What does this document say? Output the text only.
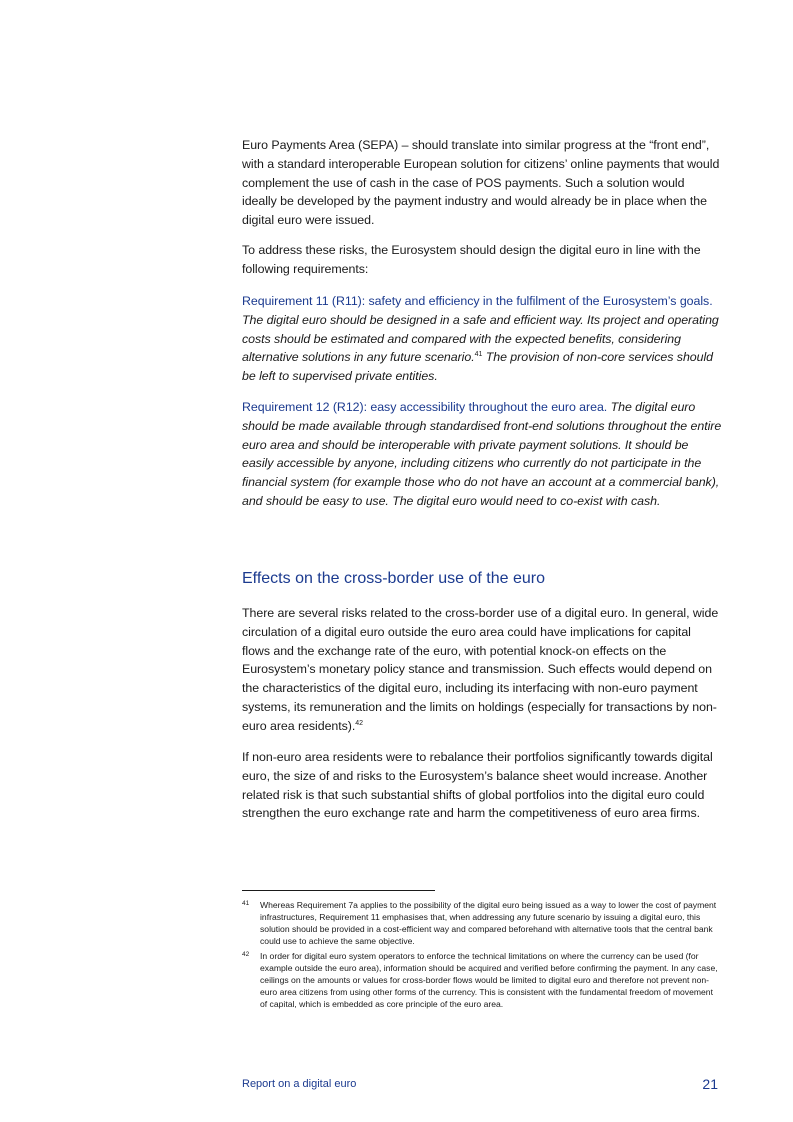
Euro Payments Area (SEPA) – should translate into similar progress at the “front end”, with a standard interoperable European solution for citizens’ online payments that would complement the use of cash in the case of POS payments. Such a solution would ideally be developed by the payment industry and would already be in place when the digital euro were issued.

To address these risks, the Eurosystem should design the digital euro in line with the following requirements:

Requirement 11 (R11): safety and efficiency in the fulfilment of the Eurosystem’s goals. The digital euro should be designed in a safe and efficient way. Its project and operating costs should be estimated and compared with the expected benefits, considering alternative solutions in any future scenario.$^{41}$ The provision of non-core services should be left to supervised private entities.

Requirement 12 (R12): easy accessibility throughout the euro area. The digital euro should be made available through standardised front-end solutions throughout the entire euro area and should be interoperable with private payment solutions. It should be easily accessible by anyone, including citizens who currently do not participate in the financial system (for example those who do not have an account at a commercial bank), and should be easy to use. The digital euro would need to co-exist with cash.

Effects on the cross-border use of the euro

There are several risks related to the cross-border use of a digital euro. In general, wide circulation of a digital euro outside the euro area could have implications for capital flows and the exchange rate of the euro, with potential knock-on effects on the Eurosystem’s monetary policy stance and transmission. Such effects would depend on the characteristics of the digital euro, including its interfacing with non-euro payment systems, its remuneration and the limits on holdings (especially for transactions by non-euro area residents).$^{42}$

If non-euro area residents were to rebalance their portfolios significantly towards digital euro, the size of and risks to the Eurosystem’s balance sheet would increase. Another related risk is that such substantial shifts of global portfolios into the digital euro could strengthen the euro exchange rate and harm the competitiveness of euro area firms.

41 Whereas Requirement 7a applies to the possibility of the digital euro being issued as a way to lower the cost of payment infrastructures, Requirement 11 emphasises that, when addressing any future scenario by issuing a digital euro, this solution should be provided in a cost-efficient way and compared beforehand with alternative tools that the central bank could use to achieve the same objective.
42 In order for digital euro system operators to enforce the technical limitations on where the currency can be used (for example outside the euro area), information should be acquired and verified before confirming the payment. In any case, ceilings on the amounts or values for cross-border flows would be limited to digital euro and therefore not prevent non-euro area citizens from using other forms of the currency. This is consistent with the fundamental freedom of movement of capital, which is embedded as core principle of the euro area.
Report on a digital euro	21
